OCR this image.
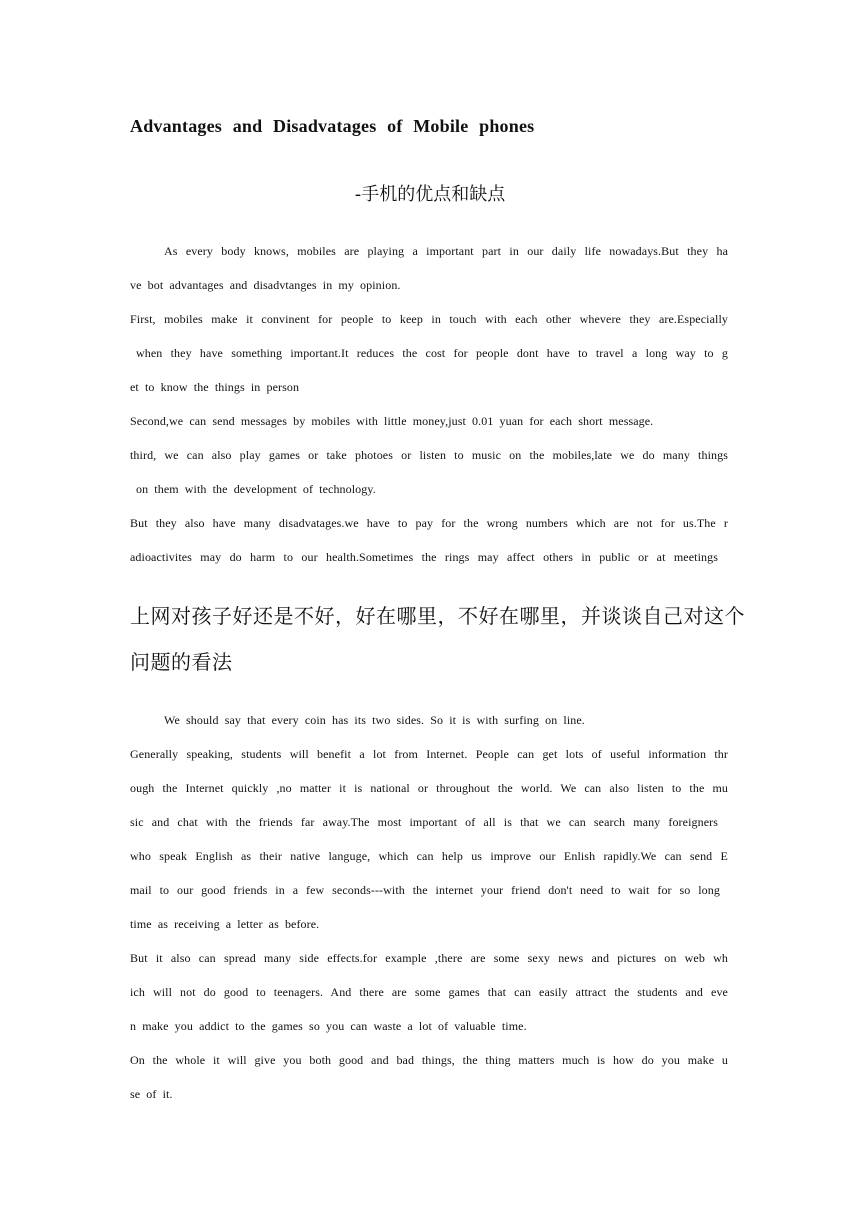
Advantages and Disadvatages of Mobile phones
-手机的优点和缺点
As every body knows, mobiles are playing a important part in our daily life nowadays.But they ha
ve bot advantages and disadvtanges in my opinion.
First, mobiles make it convinent for people to keep in touch with each other whevere they are.Especially
when they have something important.It reduces the cost for people dont have to travel a long way to g
et to know the things in person
Second,we can send messages by mobiles with little money,just 0.01 yuan for each short message.
third, we can also play games or take photoes or listen to music on the mobiles,late we do many things
on them with the development of technology.
But they also have many disadvatages.we have to pay for the wrong numbers which are not for us.The r
adioactivites may do harm to our health.Sometimes the rings may affect others in public or at meetings
上网对孩子好还是不好，好在哪里，不好在哪里，并谈谈自己对这个
问题的看法
We should say that every coin has its two sides. So it is with surfing on line.
Generally speaking, students will benefit a lot from Internet. People can get lots of useful information thr
ough the Internet quickly ,no matter it is national or throughout the world. We can also listen to the mu
sic and chat with the friends far away.The most important of all is that we can search many foreigners
who speak English as their native languge, which can help us improve our Enlish rapidly.We can send E
mail to our good friends in a few seconds---with the internet your friend don't need to wait for so long
time as receiving a letter as before.
But it also can spread many side effects.for example ,there are some sexy news and pictures on web wh
ich will not do good to teenagers. And there are some games that can easily attract the students and eve
n make you addict to the games so you can waste a lot of valuable time.
On the whole it will give you both good and bad things, the thing matters much is how do you make u
se of it.
